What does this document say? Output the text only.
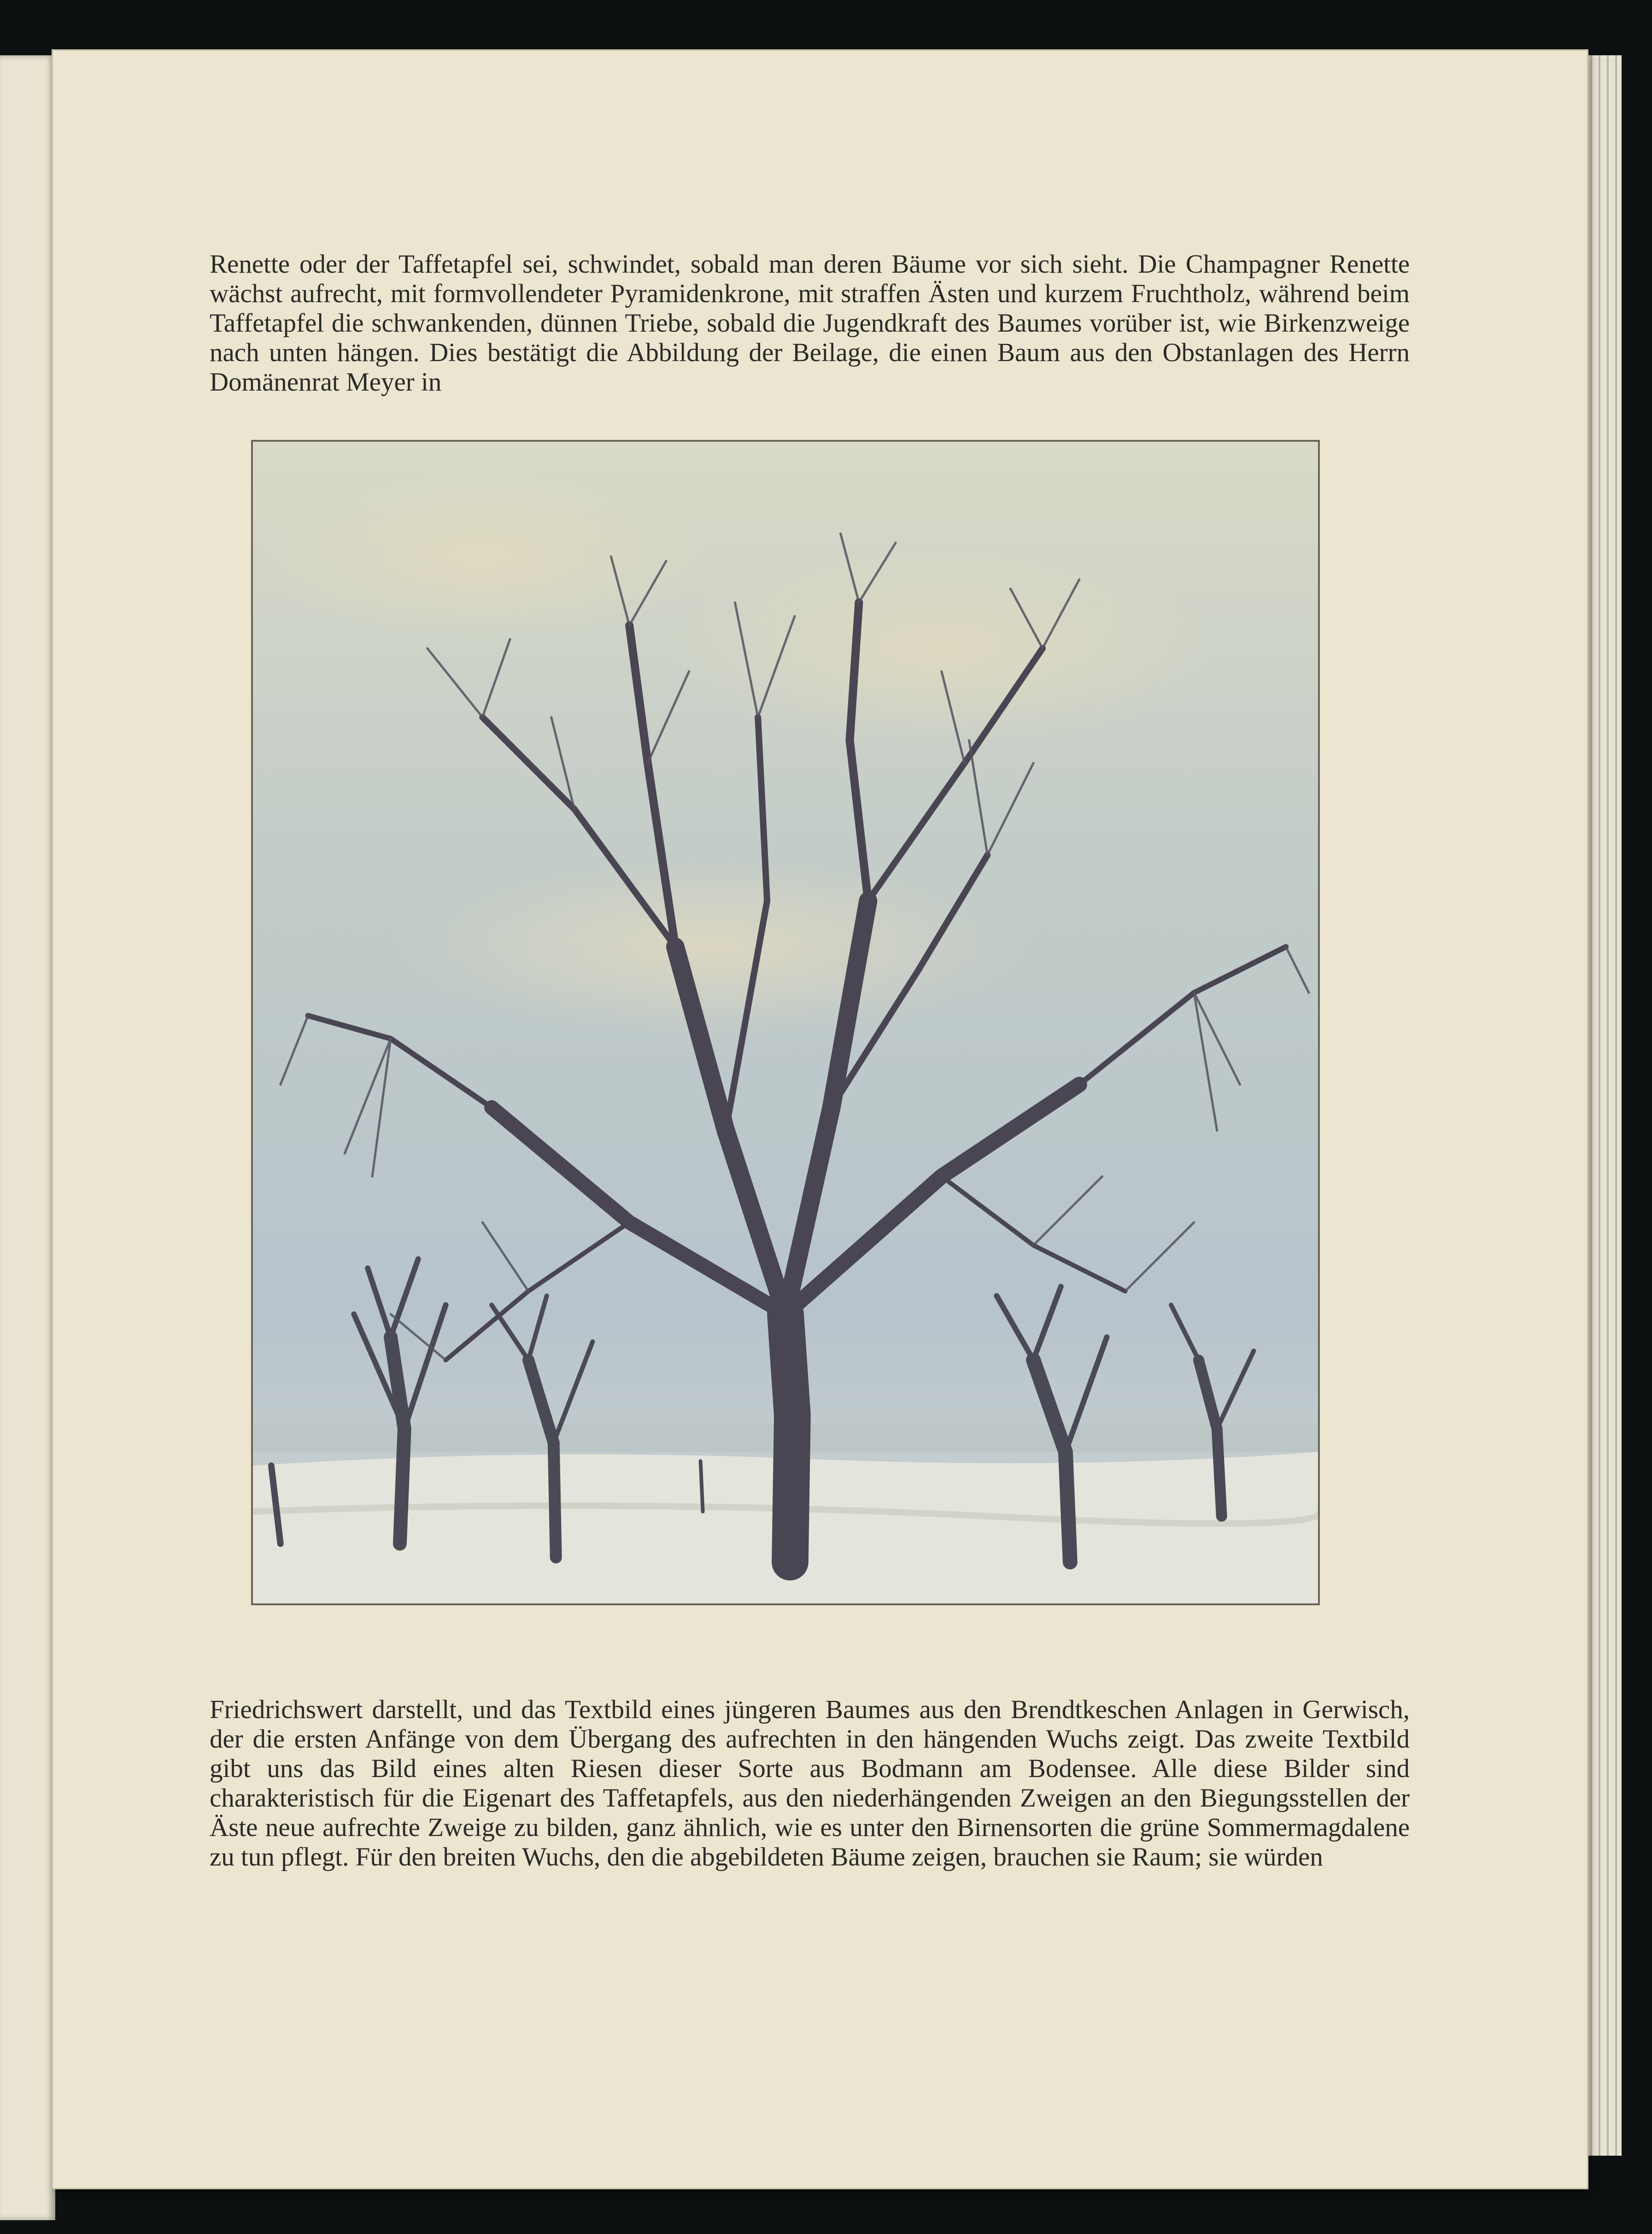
Renette oder der Taffetapfel sei, schwindet, sobald man deren Bäume vor sich sieht. Die Champagner Renette wächst aufrecht, mit formvollendeter Pyramidenkrone, mit straffen Ästen und kurzem Fruchtholz, während beim Taffetapfel die schwankenden, dünnen Triebe, sobald die Jugendkraft des Baumes vorüber ist, wie Birkenzweige nach unten hängen. Dies bestätigt die Abbildung der Beilage, die einen Baum aus den Obstanlagen des Herrn Domänenrat Meyer in

Friedrichswert darstellt, und das Textbild eines jüngeren Baumes aus den Brendtkeschen Anlagen in Gerwisch, der die ersten Anfänge von dem Übergang des aufrechten in den hängenden Wuchs zeigt. Das zweite Textbild gibt uns das Bild eines alten Riesen dieser Sorte aus Bodmann am Bodensee. Alle diese Bilder sind charakteristisch für die Eigenart des Taffetapfels, aus den niederhängenden Zweigen an den Biegungsstellen der Äste neue aufrechte Zweige zu bilden, ganz ähnlich, wie es unter den Birnensorten die grüne Sommermagdalene zu tun pflegt. Für den breiten Wuchs, den die abgebildeten Bäume zeigen, brauchen sie Raum; sie würden
